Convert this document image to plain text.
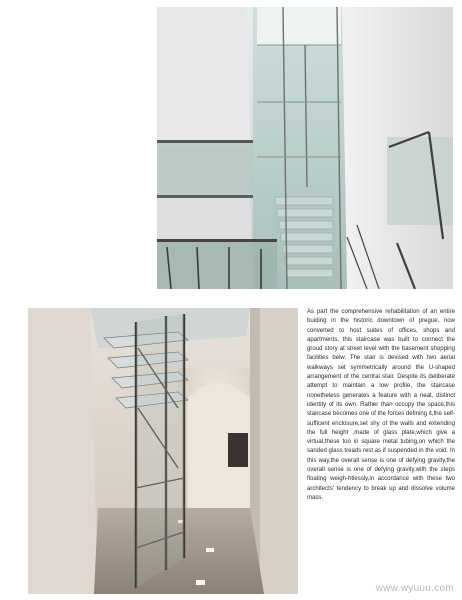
As part the comprehensive rehabilitation of an entire buiding in the historic downtown of pregue, now converted to host suites of offices, shops and apartments, this staircase was built to connect the groud story at street level with the basement shopping facilities belw. The stair is devised with two aerial walkways set symmetrically around the U-shaped arrangement of the central stair. Despite its deliberate attempt to maintain a low profile, the staircase nonetheless generates a feature with a neat, distinct identity of its own. Rather than occupy the space,this staircase becomes one of the forces defining it,the self-sufficent enclosure,set shy of the walls and extending the full height ,made of glass plate,which give a virtual,these too in square metal tubing,on which the sanded glass treads rest as if suspended in the void. In this way,the overall sense is one of defying gravity,the overall sense is one of defying gravity,with the steps floating weigh-htlessly,in accordance with these two architects' tendency to break up and dissolve volume mass.

www.wyuuu.com
